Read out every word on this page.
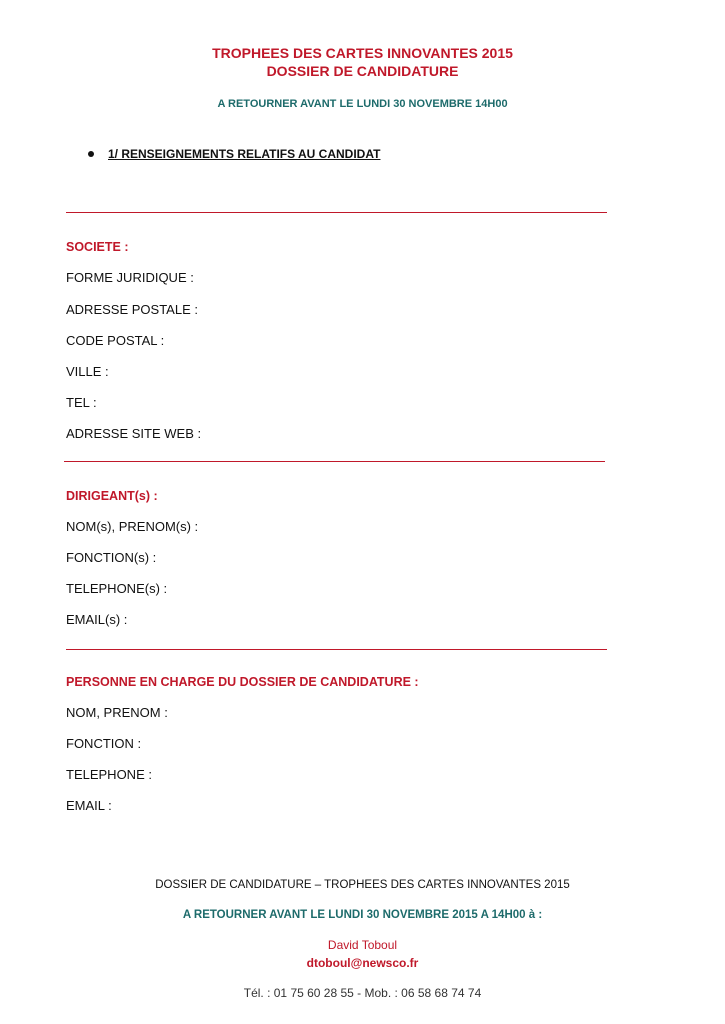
TROPHEES DES CARTES INNOVANTES 2015
DOSSIER DE CANDIDATURE
A RETOURNER AVANT LE LUNDI 30 NOVEMBRE 14H00
1/ RENSEIGNEMENTS RELATIFS AU CANDIDAT
SOCIETE :
FORME JURIDIQUE :
ADRESSE POSTALE :
CODE POSTAL :
VILLE :
TEL :
ADRESSE SITE WEB :
DIRIGEANT(s) :
NOM(s), PRENOM(s) :
FONCTION(s) :
TELEPHONE(s) :
EMAIL(s) :
PERSONNE EN CHARGE DU DOSSIER DE CANDIDATURE :
NOM, PRENOM :
FONCTION :
TELEPHONE :
EMAIL :
DOSSIER DE CANDIDATURE – TROPHEES DES CARTES INNOVANTES 2015
A RETOURNER AVANT LE LUNDI 30 NOVEMBRE 2015 A 14H00 à :
David Toboul
dtoboul@newsco.fr
Tél. : 01 75 60 28 55 - Mob. : 06 58 68 74 74
